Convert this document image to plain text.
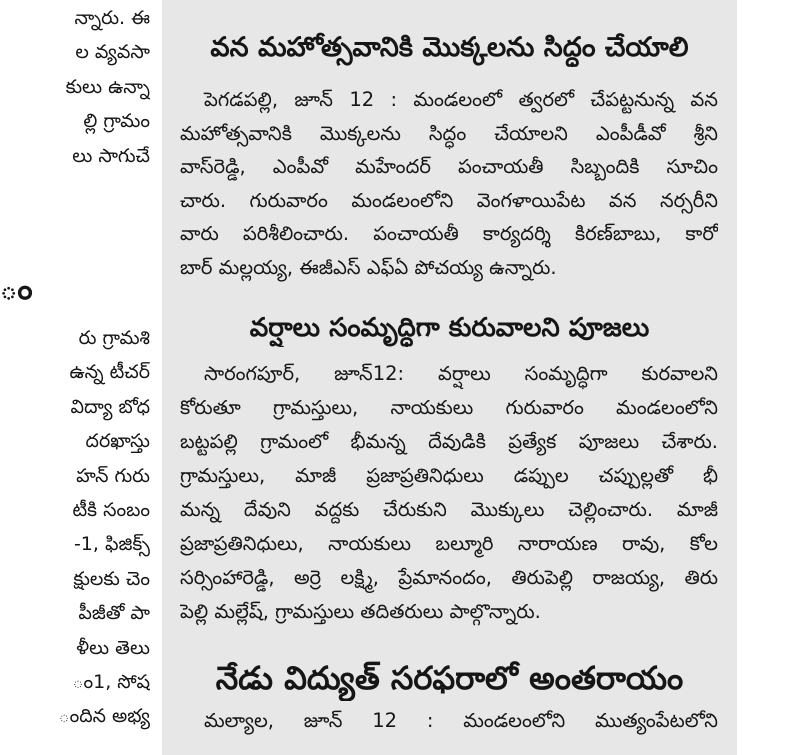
న్నారు. ఈ
ల వ్యవసా
కులు ఉన్నా
ల్లి గ్రామం
లు సాగుచే
ం
రు గ్రామశి
ఉన్న టీచర్
విద్యా బోధ
దరఖాస్తు
హన్ గురు
టీకి సంబం
-1, ఫిజిక్స్
క్షులకు చెం
పీజీతో పా
ళీలు తెలు
ం1, సోష
ందిన అభ్య
వన మహోత్సవానికి మొక్కలను సిద్ధం చేయాలి
పెగడపల్లి, జూన్ 12 : మండలంలో త్వరలో చేపట్టనున్న వన
మహోత్సవానికి మొక్కలను సిద్ధం చేయాలని ఎంపీడీవో శ్రీని
వాస్‌రెడ్డి, ఎంపీవో మహేందర్ పంచాయతీ సిబ్బందికి సూచిం
చారు. గురువారం మండలంలోని వెంగళాయిపేట వన నర్సరీని
వారు పరిశీలించారు. పంచాయతీ కార్యదర్శి కిరణ్‌బాబు, కారో
బార్ మల్లయ్య, ఈజీఎస్ ఎఫ్‌ఏ పోచయ్య ఉన్నారు.
వర్షాలు సంమృద్ధిగా కురువాలని పూజలు
సారంగపూర్, జూన్12: వర్షాలు సంమృద్ధిగా కురవాలని
కోరుతూ గ్రామస్తులు, నాయకులు గురువారం మండలంలోని
బట్టపల్లి గ్రామంలో భీమన్న దేవుడికి ప్రత్యేక పూజలు చేశారు.
గ్రామస్తులు, మాజీ ప్రజాప్రతినిధులు డప్పుల చప్పుల్లతో భీ
మన్న దేవుని వద్దకు చేరుకుని మొక్కులు చెల్లించారు. మాజీ
ప్రజాప్రతినిధులు, నాయకులు బల్మూరి నారాయణ రావు, కోల
సర్సింహారెడ్డి, అర్రె లక్ష్మి, ప్రేమానందం, తిరుపెల్లి రాజయ్య, తిరు
పెల్లి మల్లేష్, గ్రామస్తులు తదితరులు పాల్గొన్నారు.
నేడు విద్యుత్ సరఫరాలో అంతరాయం
మల్యాల, జూన్ 12 : మండలంలోని ముత్యంపేటలోని
